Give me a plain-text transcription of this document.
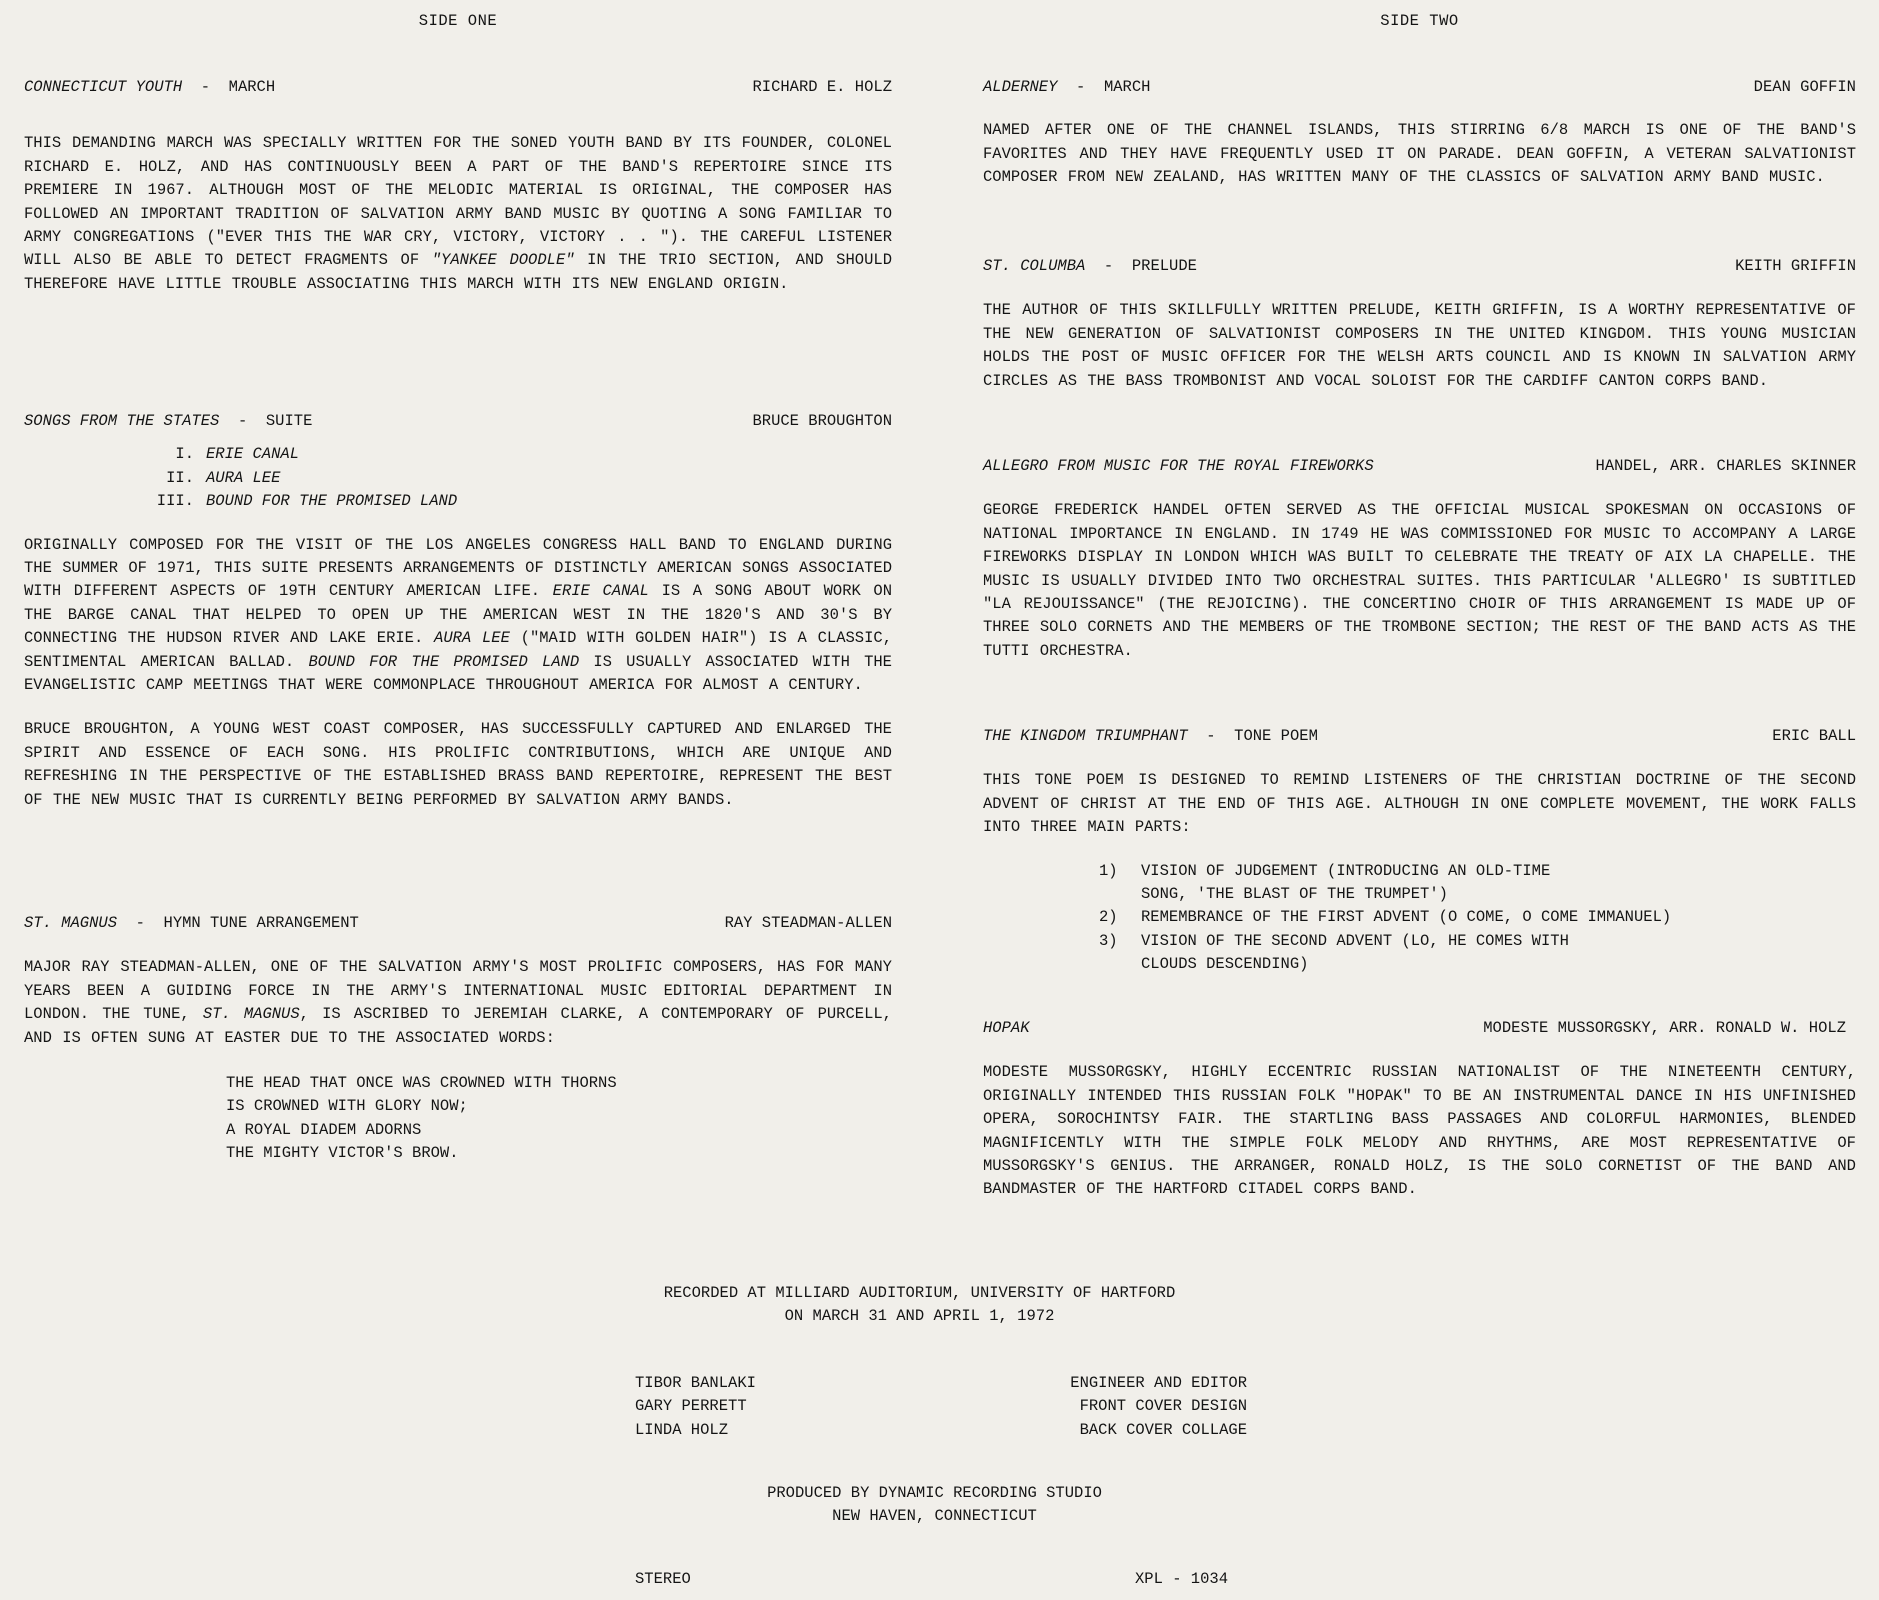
SIDE ONE
CONNECTICUT YOUTH  -  MARCH	RICHARD E. HOLZ

THIS DEMANDING MARCH WAS SPECIALLY WRITTEN FOR THE SONED YOUTH BAND BY ITS FOUNDER, COLONEL RICHARD E. HOLZ, AND HAS CONTINUOUSLY BEEN A PART OF THE BAND'S REPERTOIRE SINCE ITS PREMIERE IN 1967. ALTHOUGH MOST OF THE MELODIC MATERIAL IS ORIGINAL, THE COMPOSER HAS FOLLOWED AN IMPORTANT TRADITION OF SALVATION ARMY BAND MUSIC BY QUOTING A SONG FAMILIAR TO ARMY CONGREGATIONS ("EVER THIS THE WAR CRY, VICTORY, VICTORY . . "). THE CAREFUL LISTENER WILL ALSO BE ABLE TO DETECT FRAGMENTS OF "YANKEE DOODLE" IN THE TRIO SECTION, AND SHOULD THEREFORE HAVE LITTLE TROUBLE ASSOCIATING THIS MARCH WITH ITS NEW ENGLAND ORIGIN.

SONGS FROM THE STATES  -  SUITE	BRUCE BROUGHTON
I. ERIE CANAL
II. AURA LEE
III. BOUND FOR THE PROMISED LAND

ORIGINALLY COMPOSED FOR THE VISIT OF THE LOS ANGELES CONGRESS HALL BAND TO ENGLAND DURING THE SUMMER OF 1971, THIS SUITE PRESENTS ARRANGEMENTS OF DISTINCTLY AMERICAN SONGS ASSOCIATED WITH DIFFERENT ASPECTS OF 19TH CENTURY AMERICAN LIFE. ERIE CANAL IS A SONG ABOUT WORK ON THE BARGE CANAL THAT HELPED TO OPEN UP THE AMERICAN WEST IN THE 1820'S AND 30'S BY CONNECTING THE HUDSON RIVER AND LAKE ERIE. AURA LEE ("MAID WITH GOLDEN HAIR") IS A CLASSIC, SENTIMENTAL AMERICAN BALLAD. BOUND FOR THE PROMISED LAND IS USUALLY ASSOCIATED WITH THE EVANGELISTIC CAMP MEETINGS THAT WERE COMMONPLACE THROUGHOUT AMERICA FOR ALMOST A CENTURY.

BRUCE BROUGHTON, A YOUNG WEST COAST COMPOSER, HAS SUCCESSFULLY CAPTURED AND ENLARGED THE SPIRIT AND ESSENCE OF EACH SONG. HIS PROLIFIC CONTRIBUTIONS, WHICH ARE UNIQUE AND REFRESHING IN THE PERSPECTIVE OF THE ESTABLISHED BRASS BAND REPERTOIRE, REPRESENT THE BEST OF THE NEW MUSIC THAT IS CURRENTLY BEING PERFORMED BY SALVATION ARMY BANDS.

ST. MAGNUS  -  HYMN TUNE ARRANGEMENT	RAY STEADMAN-ALLEN

MAJOR RAY STEADMAN-ALLEN, ONE OF THE SALVATION ARMY'S MOST PROLIFIC COMPOSERS, HAS FOR MANY YEARS BEEN A GUIDING FORCE IN THE ARMY'S INTERNATIONAL MUSIC EDITORIAL DEPARTMENT IN LONDON. THE TUNE, ST. MAGNUS, IS ASCRIBED TO JEREMIAH CLARKE, A CONTEMPORARY OF PURCELL, AND IS OFTEN SUNG AT EASTER DUE TO THE ASSOCIATED WORDS:

THE HEAD THAT ONCE WAS CROWNED WITH THORNS
IS CROWNED WITH GLORY NOW;
A ROYAL DIADEM ADORNS
THE MIGHTY VICTOR'S BROW.
SIDE TWO
ALDERNEY  -  MARCH	DEAN GOFFIN

NAMED AFTER ONE OF THE CHANNEL ISLANDS, THIS STIRRING 6/8 MARCH IS ONE OF THE BAND'S FAVORITES AND THEY HAVE FREQUENTLY USED IT ON PARADE. DEAN GOFFIN, A VETERAN SALVATIONIST COMPOSER FROM NEW ZEALAND, HAS WRITTEN MANY OF THE CLASSICS OF SALVATION ARMY BAND MUSIC.

ST. COLUMBA  -  PRELUDE	KEITH GRIFFIN

THE AUTHOR OF THIS SKILLFULLY WRITTEN PRELUDE, KEITH GRIFFIN, IS A WORTHY REPRESENTATIVE OF THE NEW GENERATION OF SALVATIONIST COMPOSERS IN THE UNITED KINGDOM. THIS YOUNG MUSICIAN HOLDS THE POST OF MUSIC OFFICER FOR THE WELSH ARTS COUNCIL AND IS KNOWN IN SALVATION ARMY CIRCLES AS THE BASS TROMBONIST AND VOCAL SOLOIST FOR THE CARDIFF CANTON CORPS BAND.

ALLEGRO FROM MUSIC FOR THE ROYAL FIREWORKS	HANDEL, ARR. CHARLES SKINNER

GEORGE FREDERICK HANDEL OFTEN SERVED AS THE OFFICIAL MUSICAL SPOKESMAN ON OCCASIONS OF NATIONAL IMPORTANCE IN ENGLAND. IN 1749 HE WAS COMMISSIONED FOR MUSIC TO ACCOMPANY A LARGE FIREWORKS DISPLAY IN LONDON WHICH WAS BUILT TO CELEBRATE THE TREATY OF AIX LA CHAPELLE. THE MUSIC IS USUALLY DIVIDED INTO TWO ORCHESTRAL SUITES. THIS PARTICULAR 'ALLEGRO' IS SUBTITLED "LA REJOUISSANCE" (THE REJOICING). THE CONCERTINO CHOIR OF THIS ARRANGEMENT IS MADE UP OF THREE SOLO CORNETS AND THE MEMBERS OF THE TROMBONE SECTION; THE REST OF THE BAND ACTS AS THE TUTTI ORCHESTRA.

THE KINGDOM TRIUMPHANT  -  TONE POEM	ERIC BALL

THIS TONE POEM IS DESIGNED TO REMIND LISTENERS OF THE CHRISTIAN DOCTRINE OF THE SECOND ADVENT OF CHRIST AT THE END OF THIS AGE. ALTHOUGH IN ONE COMPLETE MOVEMENT, THE WORK FALLS INTO THREE MAIN PARTS:

1)	VISION OF JUDGEMENT (INTRODUCING AN OLD-TIME SONG, 'THE BLAST OF THE TRUMPET')
2)	REMEMBRANCE OF THE FIRST ADVENT (O COME, O COME IMMANUEL)
3)	VISION OF THE SECOND ADVENT (LO, HE COMES WITH CLOUDS DESCENDING)
HOPAK	MODESTE MUSSORGSKY, ARR. RONALD W. HOLZ

MODESTE MUSSORGSKY, HIGHLY ECCENTRIC RUSSIAN NATIONALIST OF THE NINETEENTH CENTURY, ORIGINALLY INTENDED THIS RUSSIAN FOLK "HOPAK" TO BE AN INSTRUMENTAL DANCE IN HIS UNFINISHED OPERA, SOROCHINTSY FAIR. THE STARTLING BASS PASSAGES AND COLORFUL HARMONIES, BLENDED MAGNIFICENTLY WITH THE SIMPLE FOLK MELODY AND RHYTHMS, ARE MOST REPRESENTATIVE OF MUSSORGSKY'S GENIUS. THE ARRANGER, RONALD HOLZ, IS THE SOLO CORNETIST OF THE BAND AND BANDMASTER OF THE HARTFORD CITADEL CORPS BAND.

RECORDED AT MILLIARD AUDITORIUM, UNIVERSITY OF HARTFORD
ON MARCH 31 AND APRIL 1, 1972
TIBOR BANLAKI	ENGINEER AND EDITOR
GARY PERRETT	FRONT COVER DESIGN
LINDA HOLZ	BACK COVER COLLAGE
PRODUCED BY DYNAMIC RECORDING STUDIO
NEW HAVEN, CONNECTICUT
STEREO	XPL - 1034
